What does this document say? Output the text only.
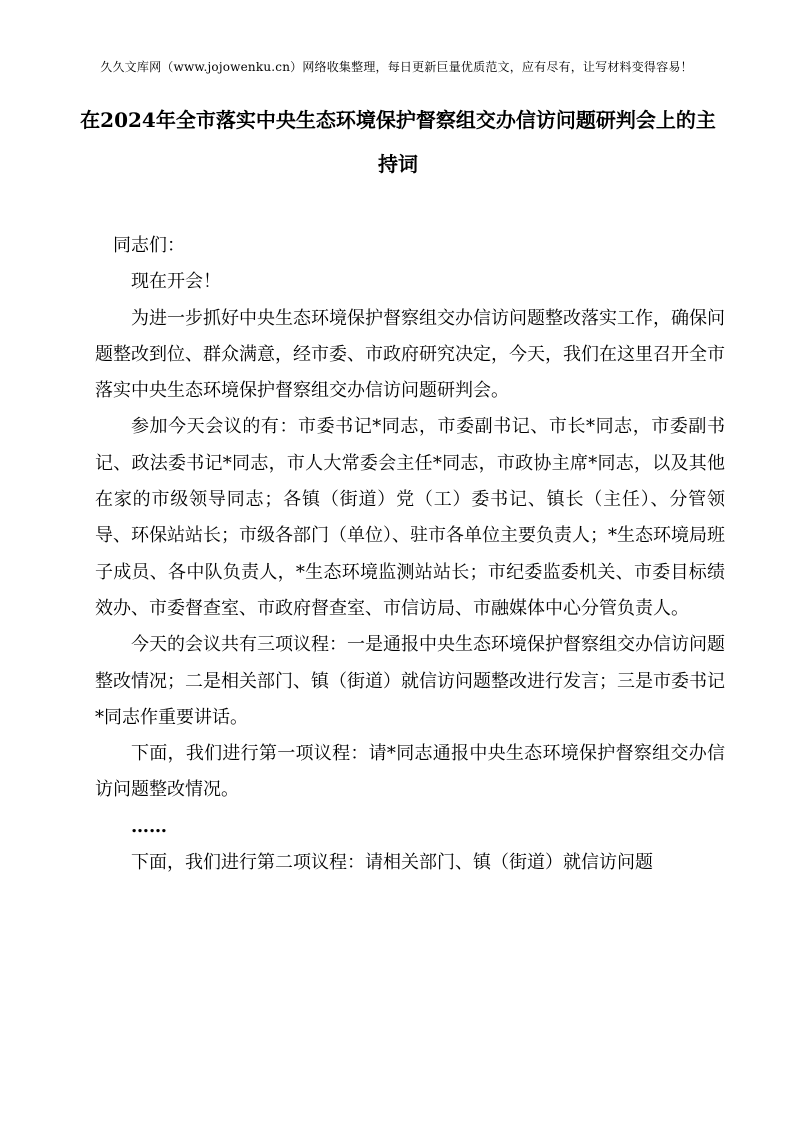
久久文库网（www.jojowenku.cn）网络收集整理，每日更新巨量优质范文，应有尽有，让写材料变得容易！
在2024年全市落实中央生态环境保护督察组交办信访问题研判会上的主持词

同志们：

现在开会！

为进一步抓好中央生态环境保护督察组交办信访问题整改落实工作，确保问题整改到位、群众满意，经市委、市政府研究决定，今天，我们在这里召开全市落实中央生态环境保护督察组交办信访问题研判会。

参加今天会议的有：市委书记*同志，市委副书记、市长*同志，市委副书记、政法委书记*同志，市人大常委会主任*同志，市政协主席*同志，以及其他在家的市级领导同志；各镇（街道）党（工）委书记、镇长（主任）、分管领导、环保站站长；市级各部门（单位）、驻市各单位主要负责人；*生态环境局班子成员、各中队负责人，*生态环境监测站站长；市纪委监委机关、市委目标绩效办、市委督查室、市政府督查室、市信访局、市融媒体中心分管负责人。

今天的会议共有三项议程：一是通报中央生态环境保护督察组交办信访问题整改情况；二是相关部门、镇（街道）就信访问题整改进行发言；三是市委书记*同志作重要讲话。

下面，我们进行第一项议程：请*同志通报中央生态环境保护督察组交办信访问题整改情况。

……

下面，我们进行第二项议程：请相关部门、镇（街道）就信访问题
